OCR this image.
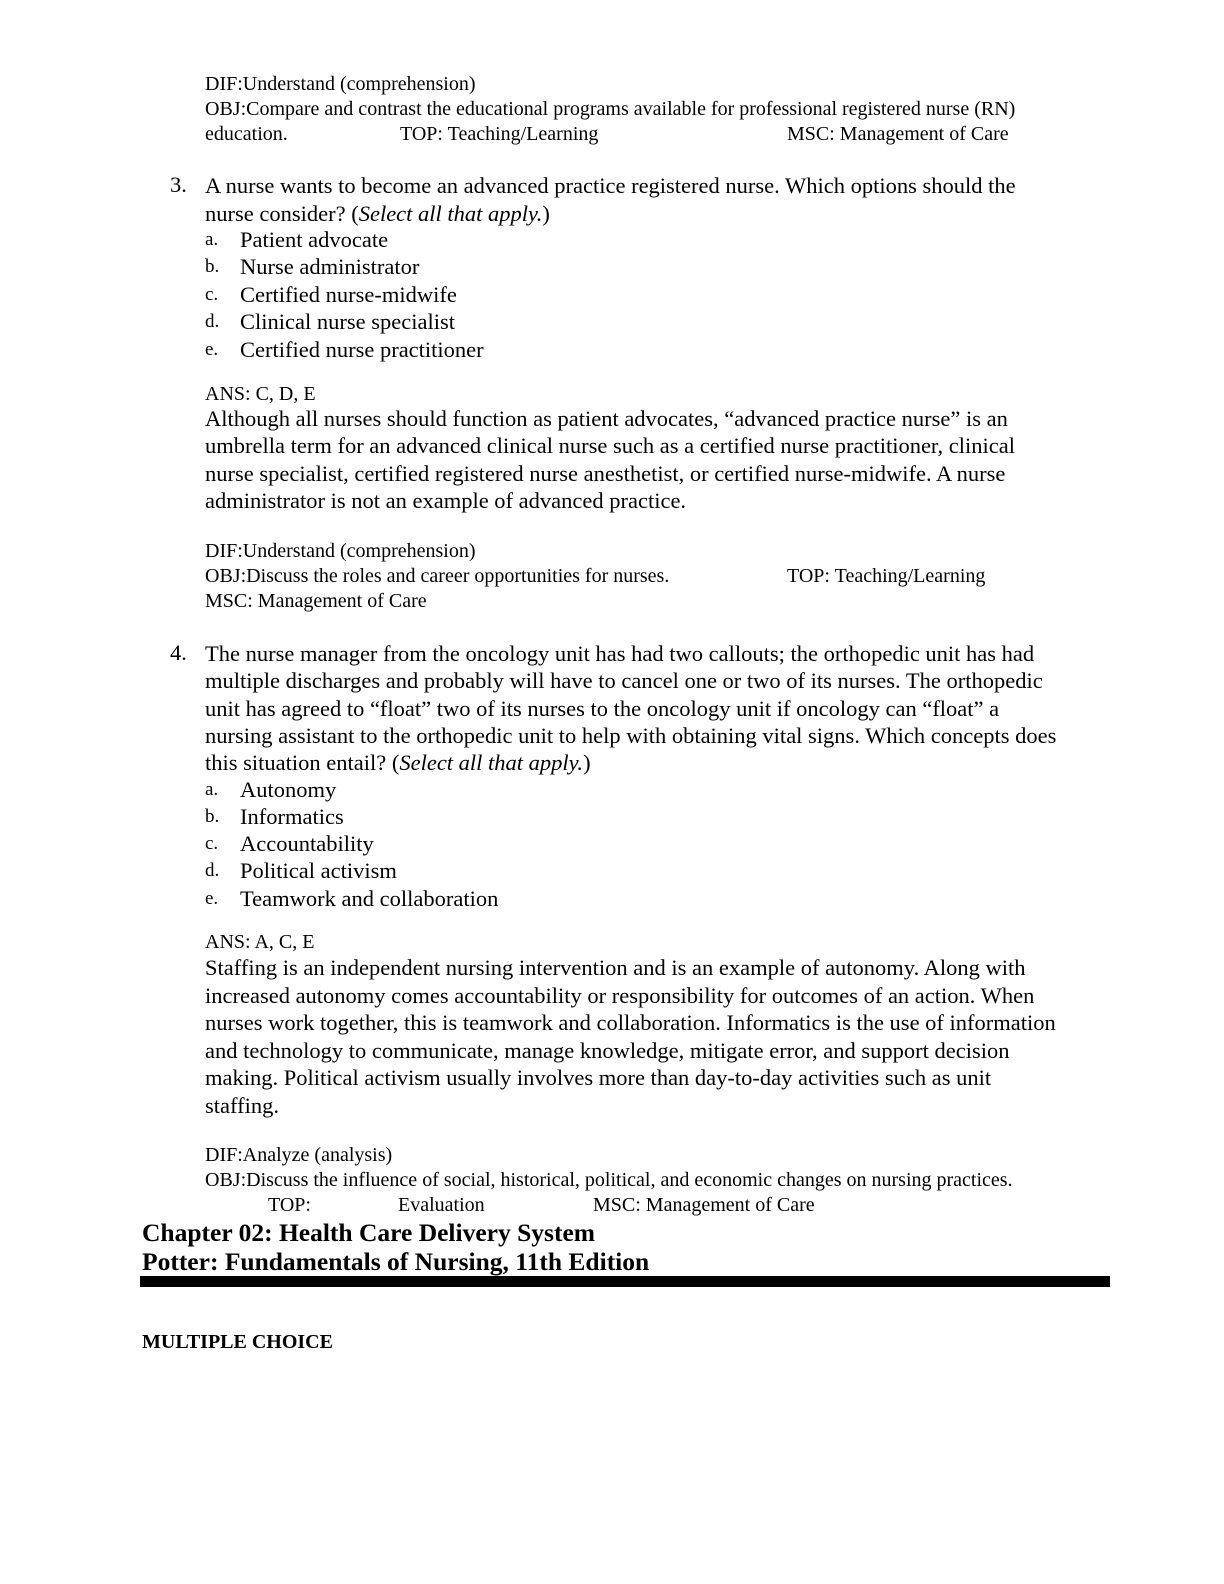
DIF:Understand (comprehension)
OBJ:Compare and contrast the educational programs available for professional registered nurse (RN)
education.	TOP: Teaching/Learning	MSC: Management of Care
3. A nurse wants to become an advanced practice registered nurse. Which options should the
nurse consider? (Select all that apply.)
a. Patient advocate
b. Nurse administrator
c. Certified nurse-midwife
d. Clinical nurse specialist
e. Certified nurse practitioner
ANS: C, D, E
Although all nurses should function as patient advocates, “advanced practice nurse” is an
umbrella term for an advanced clinical nurse such as a certified nurse practitioner, clinical
nurse specialist, certified registered nurse anesthetist, or certified nurse-midwife. A nurse
administrator is not an example of advanced practice.
DIF:Understand (comprehension)
OBJ:Discuss the roles and career opportunities for nurses.	TOP: Teaching/Learning
MSC: Management of Care
4. The nurse manager from the oncology unit has had two callouts; the orthopedic unit has had
multiple discharges and probably will have to cancel one or two of its nurses. The orthopedic
unit has agreed to “float” two of its nurses to the oncology unit if oncology can “float” a
nursing assistant to the orthopedic unit to help with obtaining vital signs. Which concepts does
this situation entail? (Select all that apply.)
a. Autonomy
b. Informatics
c. Accountability
d. Political activism
e. Teamwork and collaboration
ANS: A, C, E
Staffing is an independent nursing intervention and is an example of autonomy. Along with
increased autonomy comes accountability or responsibility for outcomes of an action. When
nurses work together, this is teamwork and collaboration. Informatics is the use of information
and technology to communicate, manage knowledge, mitigate error, and support decision
making. Political activism usually involves more than day-to-day activities such as unit
staffing.
DIF:Analyze (analysis)
OBJ:Discuss the influence of social, historical, political, and economic changes on nursing practices.
TOP:	Evaluation	MSC: Management of Care
Chapter 02: Health Care Delivery System
Potter: Fundamentals of Nursing, 11th Edition
MULTIPLE CHOICE
